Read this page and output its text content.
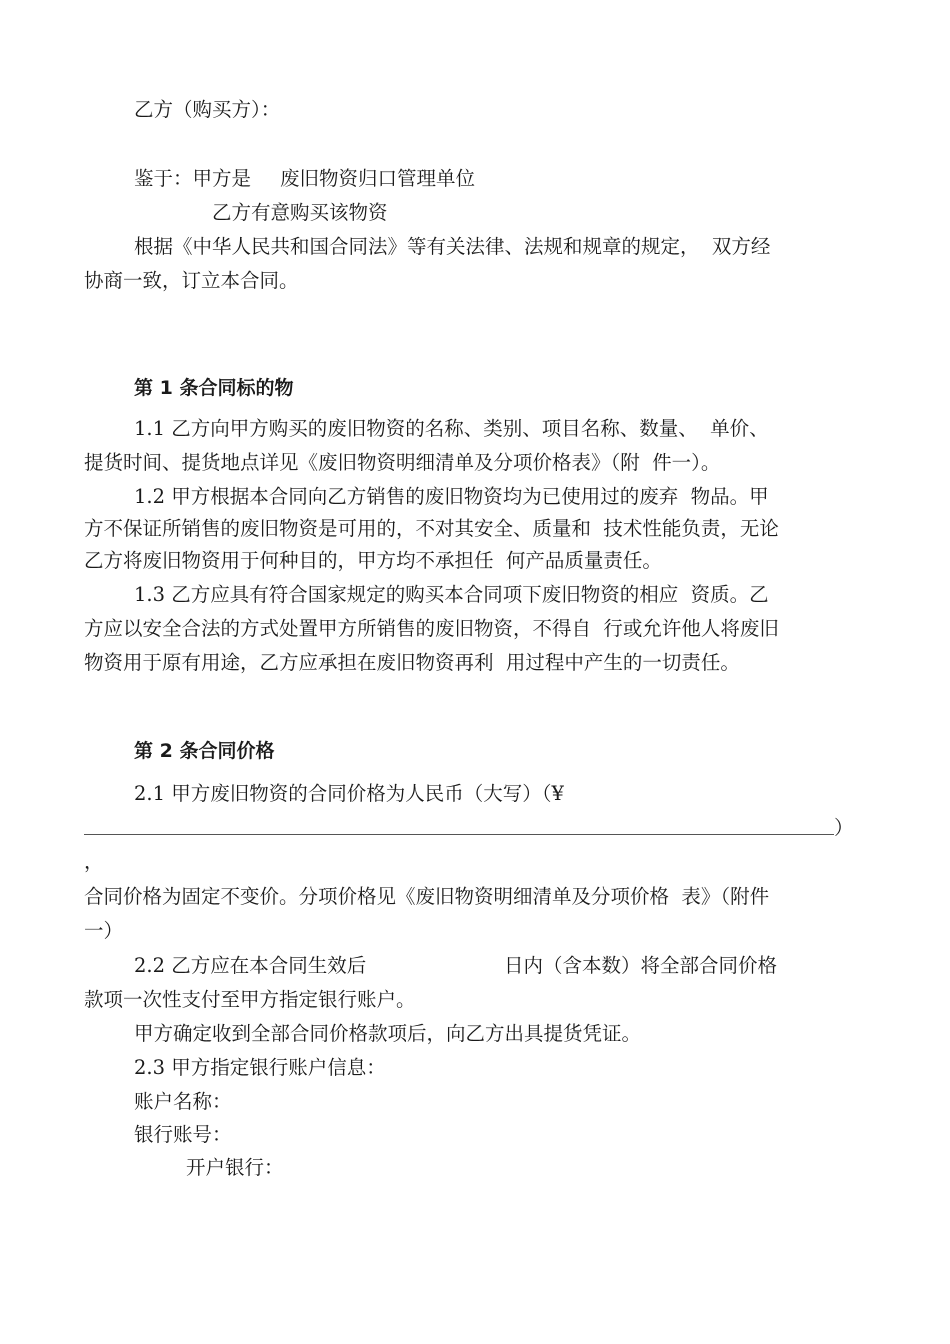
乙方（购买方）：
鉴于：甲方是 废旧物资归口管理单位
乙方有意购买该物资
根据《中华人民共和国合同法》等有关法律、法规和规章的规定，  双方经
协商一致，订立本合同。
第 1 条合同标的物
1.1 乙方向甲方购买的废旧物资的名称、类别、项目名称、数量、  单价、
提货时间、提货地点详见《废旧物资明细清单及分项价格表》（附  件一）。
1.2 甲方根据本合同向乙方销售的废旧物资均为已使用过的废弃  物品。甲
方不保证所销售的废旧物资是可用的，不对其安全、质量和  技术性能负责，无论
乙方将废旧物资用于何种目的，甲方均不承担任  何产品质量责任。
1.3 乙方应具有符合国家规定的购买本合同项下废旧物资的相应  资质。乙
方应以安全合法的方式处置甲方所销售的废旧物资，不得自  行或允许他人将废旧
物资用于原有用途，乙方应承担在废旧物资再利  用过程中产生的一切责任。
第 2 条合同价格
2.1 甲方废旧物资的合同价格为人民币（大写）（¥
）
，
合同价格为固定不变价。分项价格见《废旧物资明细清单及分项价格  表》（附件
一）
2.2 乙方应在本合同生效后	日内（含本数）将全部合同价格
款项一次性支付至甲方指定银行账户。
甲方确定收到全部合同价格款项后，向乙方出具提货凭证。
2.3 甲方指定银行账户信息：
账户名称：
银行账号：
开户银行：
